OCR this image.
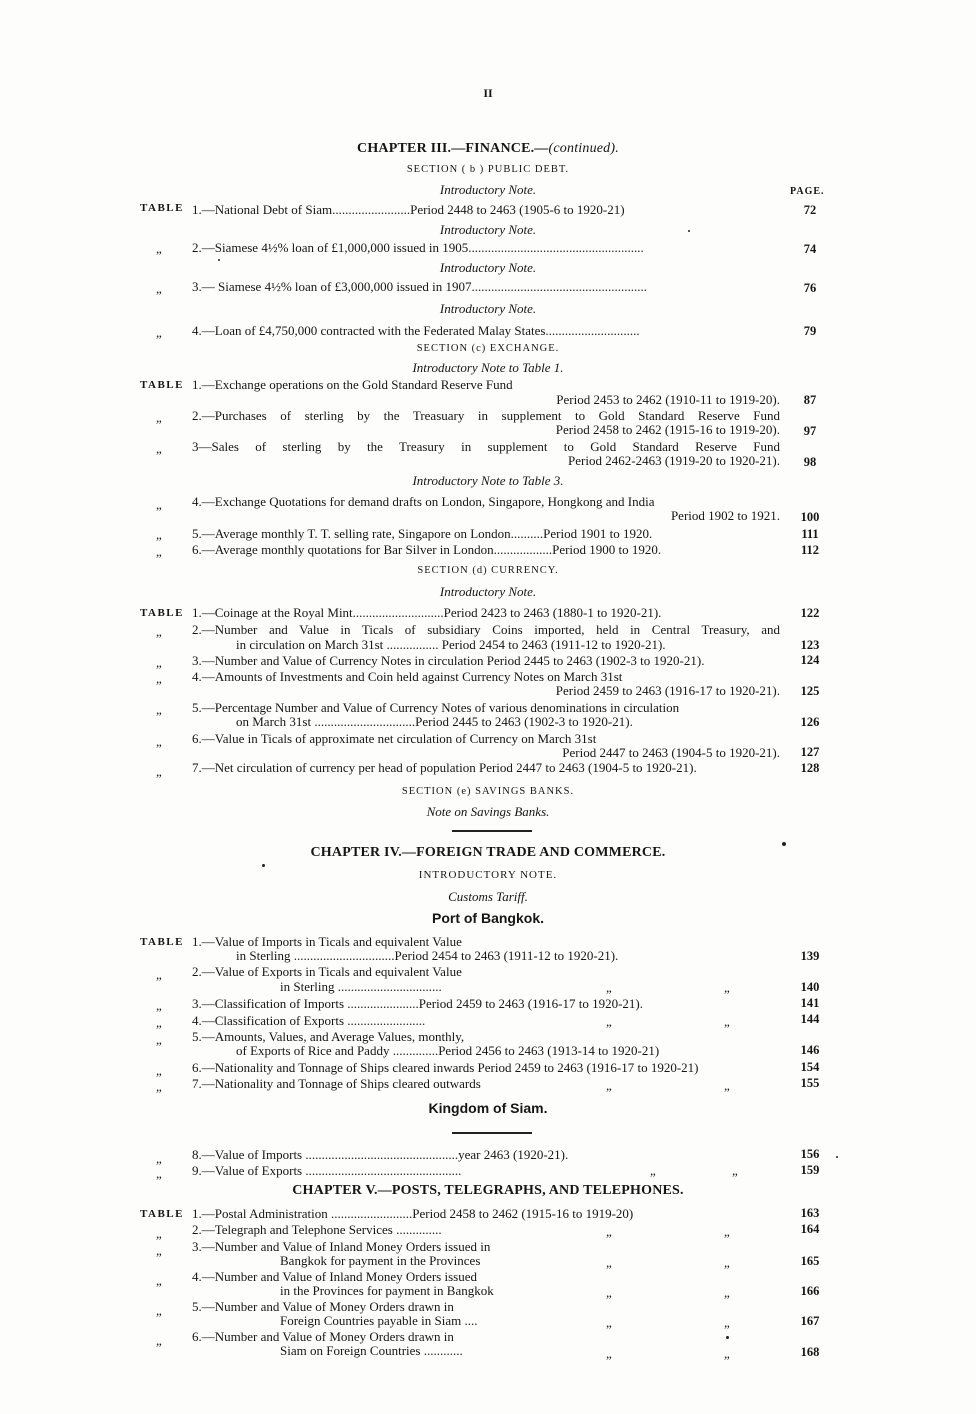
II
CHAPTER III.—FINANCE.—(continued).
SECTION ( b ) PUBLIC DEBT.
Introductory Note.	PAGE.
TABLE 1.—National Debt of Siam........................Period 2448 to 2463 (1905-6 to 1920-21)	72
Introductory Note.
„ 2.—Siamese 4½% loan of £1,000,000 issued in 1905......................................................	74
Introductory Note.
„ 3.— Siamese 4½% loan of £3,000,000 issued in 1907......................................................	76
Introductory Note.
„ 4.—Loan of £4,750,000 contracted with the Federated Malay States.............................	79
SECTION (c) EXCHANGE.
Introductory Note to Table 1.
TABLE 1.—Exchange operations on the Gold Standard Reserve Fund
Period 2453 to 2462 (1910-11 to 1919-20).	87
„ 2.—Purchases of sterling by the Treasuary in supplement to Gold Standard Reserve Fund
Period 2458 to 2462 (1915-16 to 1919-20).	97
„ 3—Sales of sterling by the Treasury in supplement to Gold Standard Reserve Fund
Period 2462-2463 (1919-20 to 1920-21).	98
Introductory Note to Table 3.
„ 4.—Exchange Quotations for demand drafts on London, Singapore, Hongkong and India
Period 1902 to 1921.	100
„ 5.—Average monthly T. T. selling rate, Singapore on London..........Period 1901 to 1920.	111
„ 6.—Average monthly quotations for Bar Silver in London..................Period 1900 to 1920.	112
SECTION (d) CURRENCY.
Introductory Note.
TABLE 1.—Coinage at the Royal Mint............................Period 2423 to 2463 (1880-1 to 1920-21).	122
„ 2.—Number and Value in Ticals of subsidiary Coins imported, held in Central Treasury, and
in circulation on March 31st ................ Period 2454 to 2463 (1911-12 to 1920-21).	123
„ 3.—Number and Value of Currency Notes in circulation Period 2445 to 2463 (1902-3 to 1920-21).	124
„ 4.—Amounts of Investments and Coin held against Currency Notes on March 31st
Period 2459 to 2463 (1916-17 to 1920-21).	125
„ 5.—Percentage Number and Value of Currency Notes of various denominations in circulation
on March 31st ...............................Period 2445 to 2463 (1902-3 to 1920-21).	126
„ 6.—Value in Ticals of approximate net circulation of Currency on March 31st
Period 2447 to 2463 (1904-5 to 1920-21).	127
„ 7.—Net circulation of currency per head of population Period 2447 to 2463 (1904-5 to 1920-21).	128
SECTION (e) SAVINGS BANKS.
Note on Savings Banks.
CHAPTER IV.—FOREIGN TRADE AND COMMERCE.
INTRODUCTORY NOTE.
Customs Tariff.
Port of Bangkok.
TABLE 1.—Value of Imports in Ticals and equivalent Value
in Sterling ...............................Period 2454 to 2463 (1911-12 to 1920-21).	139
„ 2.—Value of Exports in Ticals and equivalent Value
in Sterling ................................	„	„	140
„ 3.—Classification of Imports ......................Period 2459 to 2463 (1916-17 to 1920-21).	141
„ 4.—Classification of Exports ........................	„	„	144
„ 5.—Amounts, Values, and Average Values, monthly,
of Exports of Rice and Paddy ..............Period 2456 to 2463 (1913-14 to 1920-21)	146
„ 6.—Nationality and Tonnage of Ships cleared inwards Period 2459 to 2463 (1916-17 to 1920-21)	154
„ 7.—Nationality and Tonnage of Ships cleared outwards	„	„	155
Kingdom of Siam.
„ 8.—Value of Imports ...............................................year 2463 (1920-21).	156
„ 9.—Value of Exports ................................................	„	„	159
CHAPTER V.—POSTS, TELEGRAPHS, AND TELEPHONES.
TABLE 1.—Postal Administration .........................Period 2458 to 2462 (1915-16 to 1919-20)	163
„ 2.—Telegraph and Telephone Services ..............	„	„	164
„ 3.—Number and Value of Inland Money Orders issued in
Bangkok for payment in the Provinces	„	„	165
„ 4.—Number and Value of Inland Money Orders issued
in the Provinces for payment in Bangkok	„	„	166
„ 5.—Number and Value of Money Orders drawn in
Foreign Countries payable in Siam ....	„	„	167
„ 6.—Number and Value of Money Orders drawn in
Siam on Foreign Countries ............	„	„	168
